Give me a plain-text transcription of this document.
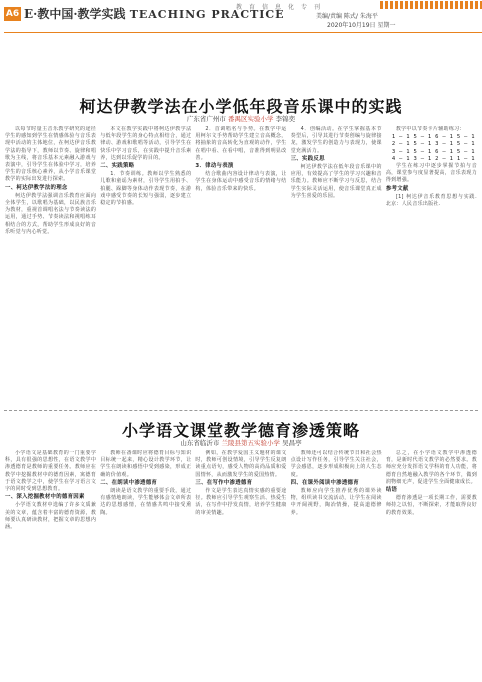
A6 E·教中国·教学实践 TEACHING PRACTICE
教育信息化专刊
美编/责编 陈式/ 朱海平
2020年10月19日 星期一
柯达伊教学法在小学低年段音乐课中的实践
广东省广州市 番禺区实验小学 李锦奕

以每节时量主音乐教学研究的途径学生的感知到学生在情感体验与音乐表现中活动的主体地位，在柯达伊音乐教学法的指导下，教师以节奏、旋律和唱歌为主线，将音乐基本元素融入游戏与表演中，引导学生在体验中学习，培养学生的音乐核心素养，从小学音乐课堂教学的实际出发进行探索。

一、柯达伊教学法的理念

柯达伊教学法强调音乐教育应面向全体学生，以歌唱为基础，以民族音乐为教材，重视首调唱名法与节奏读法的运用，通过手势、节奏读法和视唱练耳相结合的方式，帮助学生形成良好的音乐听觉与内心听觉。

本文在教学实践中将柯达伊教学法与低年段学生的身心特点相结合，通过律动、游戏和歌唱等活动，引导学生在快乐中学习音乐，在实践中提升音乐素养，达到以乐促学的目的。

二、实践策略

1．节奏训练。教师以学生熟悉的儿歌和童谣为素材，引导学生用拍手、拍腿、跺脚等身体动作表现节奏，在游戏中感受节奏的长短与强弱，逐步建立稳定的节拍感。

2．首调唱名与手势。在教学中运用柯尔文手势帮助学生建立音高概念，将抽象的音高转化为直观的动作，学生在唱中看、在看中唱，音准得到明显改善。

3．律动与表演

结合歌曲内容设计律动与表演，让学生在身体运动中感受音乐的情绪与结构，体验音乐带来的快乐。

4．创编活动。在学生掌握基本节奏型后，引导其进行节奏创编与旋律接龙，激发学生的创造力与表现力，使课堂充满活力。

三、实践反思

柯达伊教学法在低年段音乐课中的应用，有效提高了学生的学习兴趣和音乐能力。教师应不断学习与反思，结合学生实际灵活运用，使音乐课堂真正成为学生喜爱的乐园。

教学中以节奏卡片辅助练习：

1 — 1 5 — 1 6 — 1 5 — 1
2 — 1 5 — 1 3 — 1 5 — 1
3 — 1 5 — 1 6 — 1 5 — 1
4 — 1 3 — 1 2 — 1 1 — 1

学生在练习中逐步掌握节拍与音高，课堂参与度显著提高，音乐表现力得到增强。

参考文献

[1] 柯达伊音乐教育思想与实践. 北京：人民音乐出版社.

小学语文课堂教学德育渗透策略
山东省临沂市 兰陵县第五实验小学 吴昌亭

小学语文是基础教育的一门重要学科，具有很强的思想性，在语文教学中渗透德育是教师的重要任务。教师应在教学中挖掘教材中的德育因素，寓德育于语文教学之中，使学生在学习语言文字的同时受到思想教育。

一、深入挖掘教材中的德育因素

小学语文教材中选编了许多文质兼美的文章，蕴含着丰富的德育资源，教师要认真研读教材，把握文章的思想内涵。

教师在备课时应将德育目标与知识目标统一起来，精心设计教学环节，让学生在朗读和感悟中受到感染，形成正确的价值观。

二、在朗读中渗透德育

朗读是语文教学的重要手段，通过有感情地朗读，学生能够体会文章所表达的思想感情，在情感共鸣中接受熏陶。

例如，在教学爱国主义题材的课文时，教师可创设情境，引导学生反复朗读重点语句，感受人物的高尚品质和爱国情怀，从而激发学生的爱国热情。

三、在写作中渗透德育

作文是学生表达真情实感的重要途径。教师应引导学生观察生活、热爱生活，在写作中抒发真情，培养学生健康的审美情趣。

教师还可以结合传统节日和社会热点设计写作任务，引导学生关注社会，学会感恩，逐步形成积极向上的人生态度。

四、在课外阅读中渗透德育

教师应向学生推荐优秀的课外读物，组织读书交流活动，让学生在阅读中开阔视野，陶冶情操，提高道德修养。

总之，在小学语文教学中渗透德育，是新时代语文教学的必然要求。教师应充分发挥语文学科的育人功能，将德育自然地融入教学的各个环节，做到润物细无声，促进学生全面健康成长。

结语

德育渗透是一项长期工作，需要教师持之以恒，不断探索，才能取得良好的教育效果。
